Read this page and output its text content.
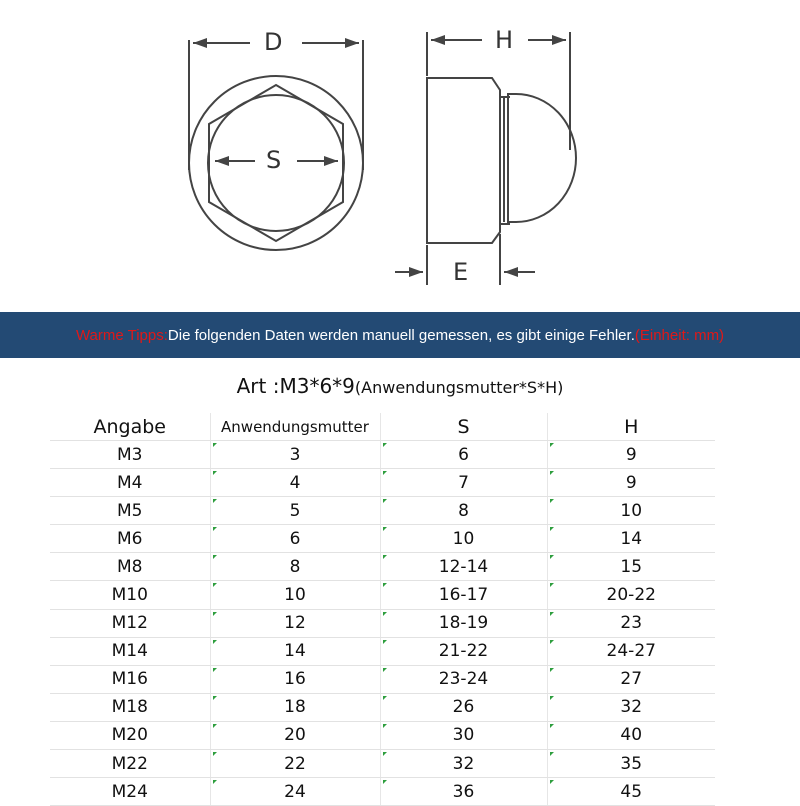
D
S
H
E
Warme Tipps: Die folgenden Daten werden manuell gemessen, es gibt einige Fehler. (Einheit: mm)
Art :M3*6*9(Anwendungsmutter*S*H)
Angabe	Anwendungsmutter	S	H
M3	3	6	9
M4	4	7	9
M5	5	8	10
M6	6	10	14
M8	8	12-14	15
M10	10	16-17	20-22
M12	12	18-19	23
M14	14	21-22	24-27
M16	16	23-24	27
M18	18	26	32
M20	20	30	40
M22	22	32	35
M24	24	36	45
